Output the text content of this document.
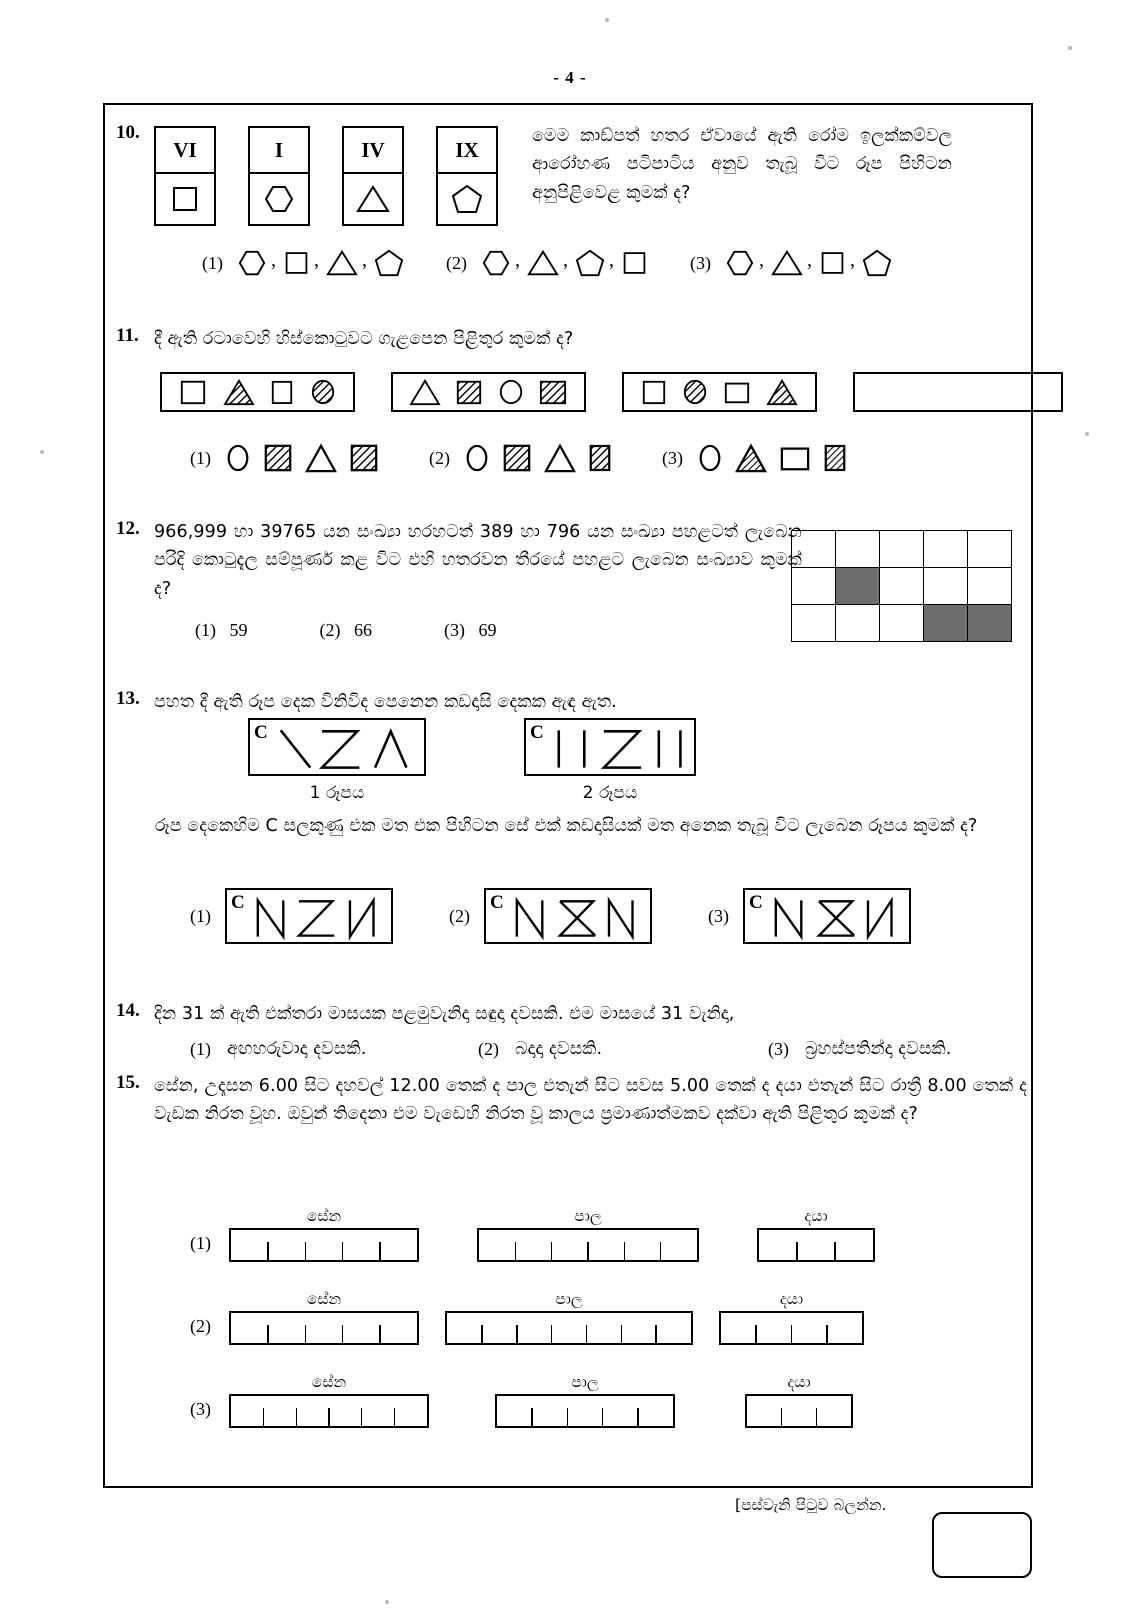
- 4 -
10.
VI	I	IV	IX
මෙම කාඩ්පත් හතර ඒවායේ ඇති රෝම ඉලක්කම්වල ආරෝහණ පටිපාටිය අනුව තැබූ විට රූප පිහිටන අනුපිළිවෙළ කුමක් ද?
(1) , , ,	(2) , , ,	(3) , , ,
11. දී ඇති රටාවෙහි හිස්කොටුවට ගැළපෙන පිළිතුර කුමක් ද?
(1)	(2)	(3)
12. 966,999 හා 39765 යන සංඛ්‍යා හරහටත් 389 හා 796 යන සංඛ්‍යා පහළටත් ලැබෙන පරිදි කොටුදැල සම්පූර්ණ කළ විට එහි හතරවන තීරයේ පහළට ලැබෙන සංඛ්‍යාව කුමක් ද?
(1) 59	(2) 66	(3) 69

13. පහත දී ඇති රූප දෙක විනිවිද පෙනෙන කඩදාසි දෙකක ඇඳ ඇත.
C
1 රූපය
C
2 රූපය
රූප දෙකෙහිම C සලකුණු එක මත එක පිහිටන සේ එක් කඩදාසියක් මත අනෙක තැබූ විට ලැබෙන රූපය කුමක් ද?
(1)
C
(2)
C
(3)
C
14. දින 31 ක් ඇති එක්තරා මාසයක පළමුවැනිදා සඳුදා දවසකි. එම මාසයේ 31 වැනිදා,
(1) අඟහරුවාදා දවසකි.	(2) බදාදා දවසකි.	(3) බ්‍රහස්පතින්දා දවසකි.
15. සේන, උදෑසන 6.00 සිට දහවල් 12.00 තෙක් ද පාල එතැන් සිට සවස 5.00 තෙක් ද දයා එතැන් සිට රාත්‍රී 8.00 තෙක් ද වැඩක නිරත වූහ. ඔවුන් තිදෙනා එම වැඩෙහි නිරත වූ කාලය ප්‍රමාණාත්මකව දක්වා ඇති පිළිතුර කුමක් ද?
(1)
සේන	පාල	දයා
(2)
සේන	පාල	දයා
(3)
සේන	පාල	දයා
[පස්වැනි පිටුව බලන්න.
